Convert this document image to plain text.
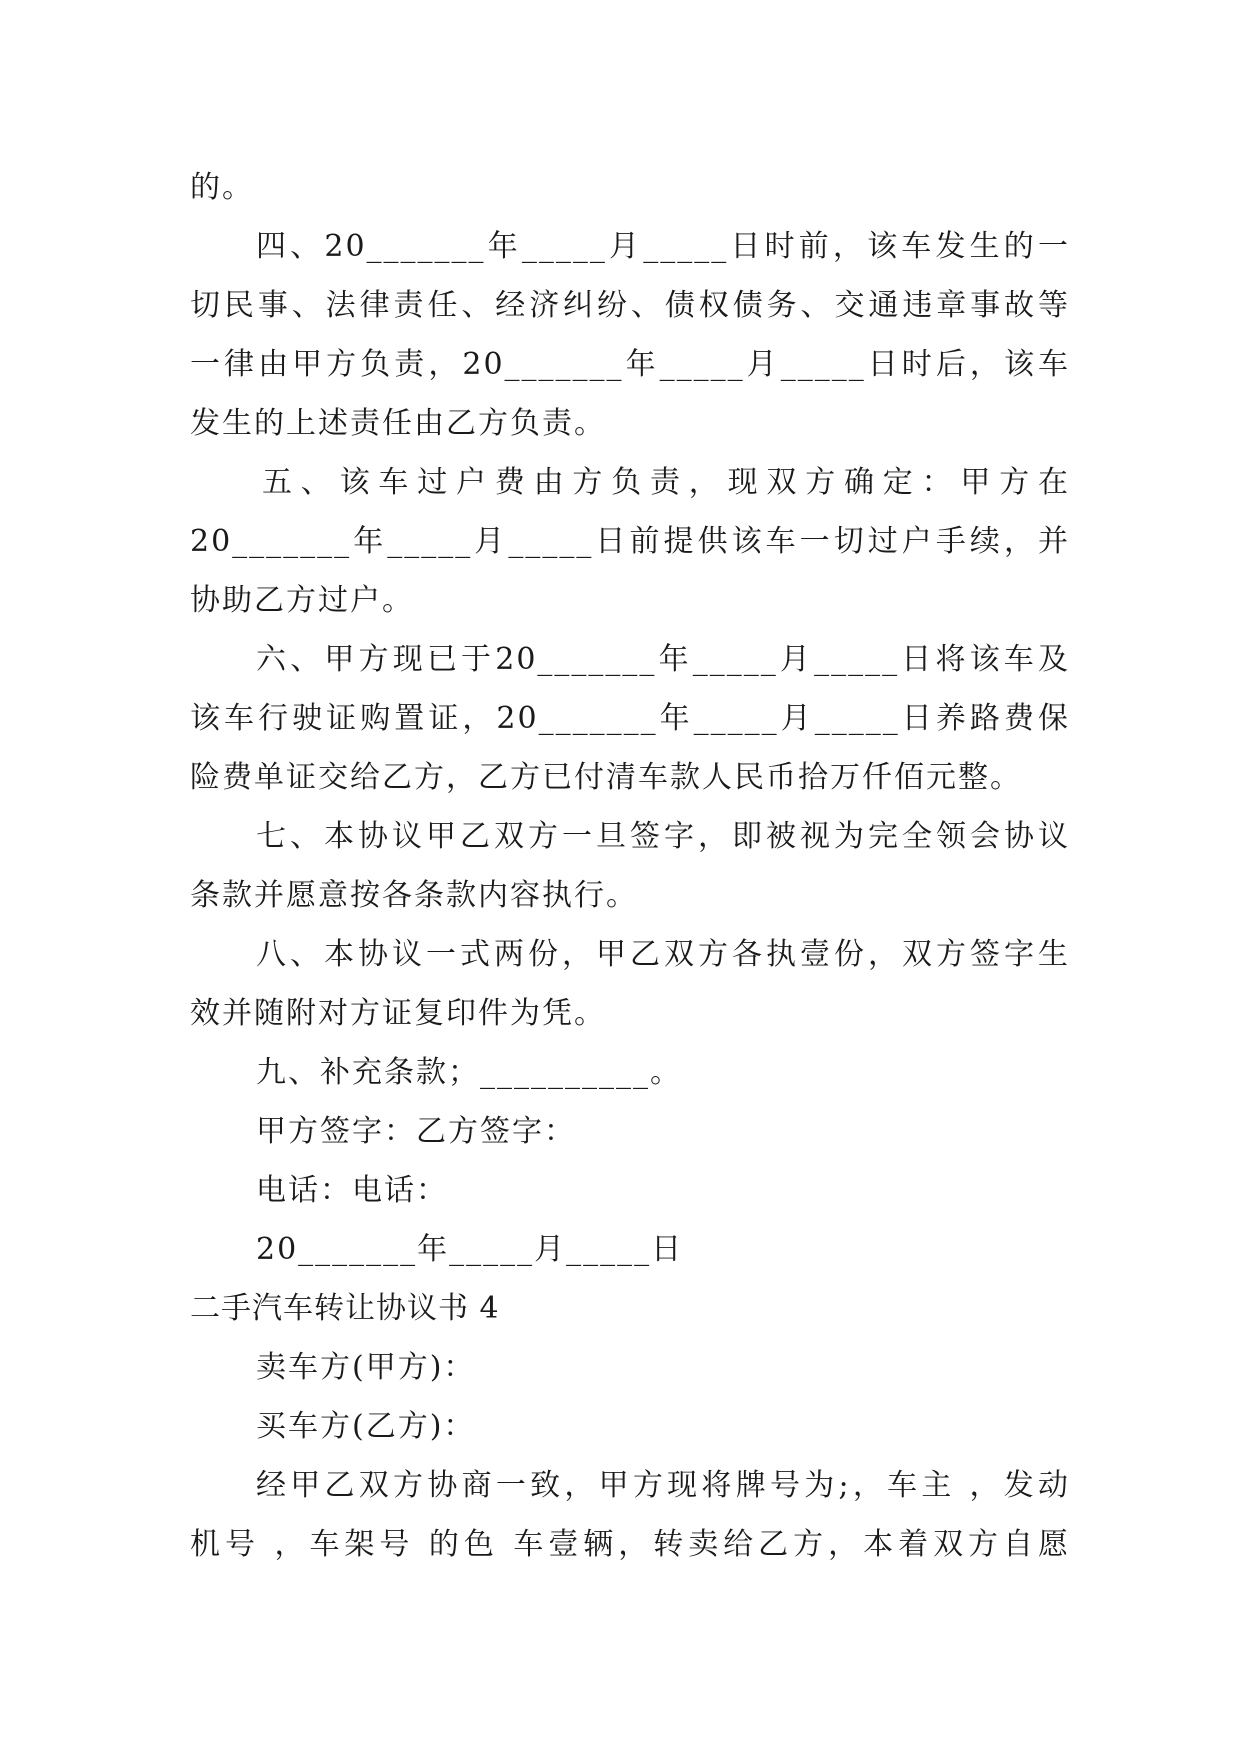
的。
四、20_______年_____月_____日时前，该车发生的一
切民事、法律责任、经济纠纷、债权债务、交通违章事故等
一律由甲方负责，20_______年_____月_____日时后，该车
发生的上述责任由乙方负责。
五、该车过户费由方负责，现双方确定：甲方在
20_______年_____月_____日前提供该车一切过户手续，并
协助乙方过户。
六、甲方现已于20_______年_____月_____日将该车及
该车行驶证购置证，20_______年_____月_____日养路费保
险费单证交给乙方，乙方已付清车款人民币拾万仟佰元整。
七、本协议甲乙双方一旦签字，即被视为完全领会协议
条款并愿意按各条款内容执行。
八、本协议一式两份，甲乙双方各执壹份，双方签字生
效并随附对方证复印件为凭。
九、补充条款；__________。
甲方签字：乙方签字：
电话：电话：
20_______年_____月_____日
二手汽车转让协议书 4
卖车方(甲方)：
买车方(乙方)：
经甲乙双方协商一致，甲方现将牌号为;，车主 ，发动
机号 ，车架号 的色 车壹辆，转卖给乙方，本着双方自愿
